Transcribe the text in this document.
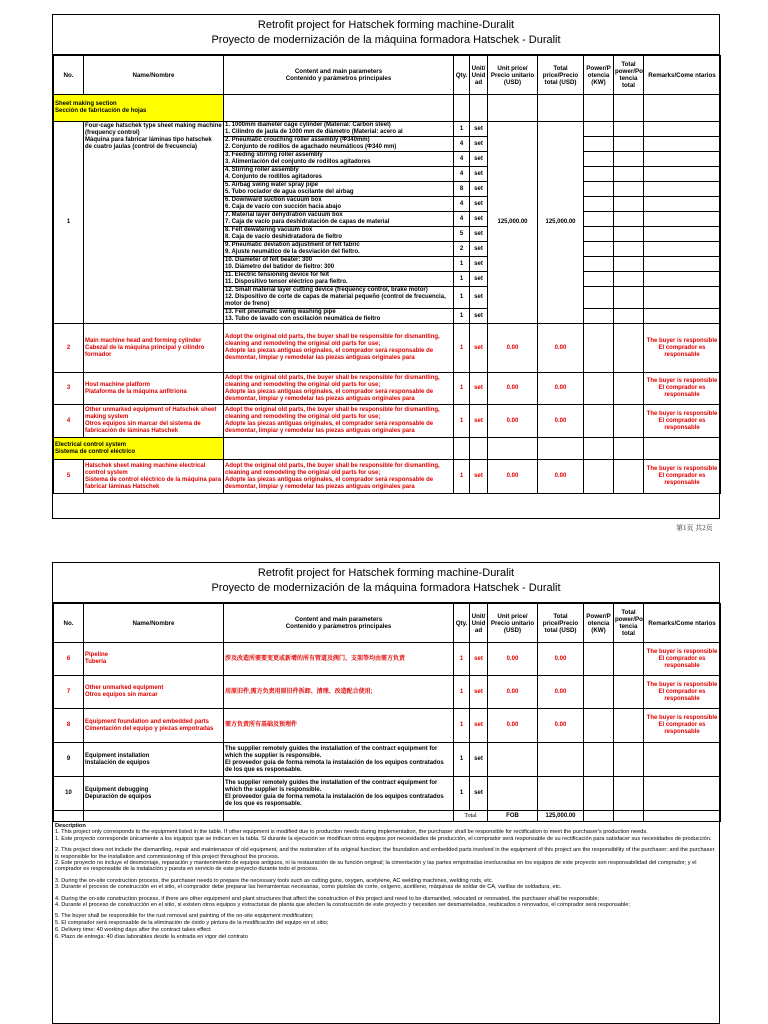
Retrofit project for Hatschek forming machine-Duralit
Proyecto de modernización de la máquina formadora Hatschek - Duralit
No.	Name/Nombre	Content and main parameters
Contenido y parámetros principales	Qty.	Unit/ Unid ad	Unit price/ Precio unitario (USD)	Total price/Precio total (USD)	Power/P otencia (KW)	Total power/Po tencia total	Remarks/Come ntarios
Sheet making section
Sección de fabricación de hojas									
1	Four-cage hatschek type sheet making machine (frequency control)
Máquina para fabricar láminas tipo hatschek
de cuatro jaulas (control de frecuencia)	1. 1000mm diameter cage cylinder (Material: Carbon steel)
1. Cilindro de jaula de 1000 mm de diámetro (Material: acero al	1	set	125,000.00	125,000.00			
		2. Pneumatic crouching roller assembly (Φ340mm)
2. Conjunto de rodillos de agachado neumáticos (Φ340 mm)	4	set					
		3. Feeding stirring roller assembly
3. Alimentación del conjunto de rodillos agitadores	4	set					
		4. Stirring roller assembly
4. Conjunto de rodillos agitadores	4	set					
		5. Airbag swing water spray pipe
5. Tubo rociador de agua oscilante del airbag	8	set					
		6. Downward suction vacuum box
6. Caja de vacío con succión hacia abajo	4	set					
		7. Material layer dehydration vacuum box
7. Caja de vacío para deshidratación de capas de material	4	set					
		8. Felt dewatering vacuum box
8. Caja de vacío deshidratadora de fieltro	5	set					
		9. Pneumatic deviation adjustment of felt fabric
9. Ajuste neumático de la desviación del fieltro.	2	set					
		10. Diameter of felt beater: 300
10. Diámetro del batidor de fieltro: 300	1	set					
		11. Electric tensioning device for felt
11. Dispositivo tensor eléctrico para fieltro.	1	set					
		12. Small material layer cutting device (frequency control, brake motor)
12. Dispositivo de corte de capas de material pequeño (control de frecuencia, motor de freno)	1	set					
		13. Felt pneumatic swing washing pipe
13. Tubo de lavado con oscilación neumática de fieltro	1	set					
2	Main machine head and forming cylinder
Cabezal de la máquina principal y cilindro formador	Adopt the original old parts, the buyer shall be responsible for dismantling, cleaning and remodeling the original old parts for use;
Adopte las piezas antiguas originales, el comprador será responsable de desmontar, limpiar y remodelar las piezas antiguas originales para	1	set	0.00	0.00			The buyer is responsible
El comprador es responsable
3	Host machine platform
Plataforma de la máquina anfitriona	Adopt the original old parts, the buyer shall be responsible for dismantling, cleaning and remodeling the original old parts for use;
Adopte las piezas antiguas originales, el comprador será responsable de desmontar, limpiar y remodelar las piezas antiguas originales para	1	set	0.00	0.00			The buyer is responsible
El comprador es responsable
4	Other unmarked equipment of Hatschek sheet making system
Otros equipos sin marcar del sistema de fabricación de láminas Hatschek	Adopt the original old parts, the buyer shall be responsible for dismantling, cleaning and remodeling the original old parts for use;
Adopte las piezas antiguas originales, el comprador será responsable de desmontar, limpiar y remodelar las piezas antiguas originales para	1	set	0.00	0.00			The buyer is responsible
El comprador es responsable
Electrical control system
Sistema de control eléctrico									
5	Hatschek sheet making machine electrical control system
Sistema de control eléctrico de la máquina para fabricar láminas Hatschek	Adopt the original old parts, the buyer shall be responsible for dismantling, cleaning and remodeling the original old parts for use;
Adopte las piezas antiguas originales, el comprador será responsable de desmontar, limpiar y remodelar las piezas antiguas originales para	1	set	0.00	0.00			The buyer is responsible
El comprador es responsable
第1页 共2页
Retrofit project for Hatschek forming machine-Duralit
Proyecto de modernización de la máquina formadora Hatschek - Duralit
No.	Name/Nombre	Content and main parameters
Contenido y parámetros principales	Qty.	Unit/ Unid ad	Unit price/ Precio unitario (USD)	Total price/Precio total (USD)	Power/P otencia (KW)	Total power/Po tencia total	Remarks/Come ntarios
6	Pipeline
Tubería	涉及改造所需要变更或新增的所有管道及阀门、支架等均由需方负责	1	set	0.00	0.00			The buyer is responsible
El comprador es responsable
7	Other unmarked equipment
Otros equipos sin marcar	用原旧件,需方负责用原旧件拆卸、清理、改造配合使用;	1	set	0.00	0.00			The buyer is responsible
El comprador es responsable
8	Equipment foundation and embedded parts
Cimentación del equipo y piezas empotradas	需方负责所有基础及预埋件	1	set	0.00	0.00			The buyer is responsible
El comprador es responsable
9	Equipment installation
Instalación de equipos	The supplier remotely guides the installation of the contract equipment for which the supplier is responsible.
El proveedor guía de forma remota la instalación de los equipos contratados de los que es responsable.	1	set					
10	Equipment debugging
Depuración de equipos	The supplier remotely guides the installation of the contract equipment for which the supplier is responsible.
El proveedor guía de forma remota la instalación de los equipos contratados de los que es responsable.	1	set					
			Total		FOB	125,000.00			

Description

1. This project only corresponds to the equipment listed in the table. If other equipment is modified due to production needs during implementation, the purchaser shall be responsible for rectification to meet the purchaser's production needs.
1. Este proyecto corresponde únicamente a los equipos que se indican en la tabla. Si durante la ejecución se modifican otros equipos por necesidades de producción, el comprador será responsable de su rectificación para satisfacer sus necesidades de producción.

2. This project does not include the dismantling, repair and maintenance of old equipment, and the restoration of its original function; the foundation and embedded parts involved in the equipment of this project are the responsibility of the purchaser; and the purchaser is responsible for the installation and commissioning of this project throughout the process.
2. Este proyecto no incluye el desmontaje, reparación y mantenimiento de equipos antiguos, ni la restauración de su función original; la cimentación y las partes empotradas involucradas en los equipos de este proyecto son responsabilidad del comprador; y el comprador es responsable de la instalación y puesta en servicio de este proyecto durante todo el proceso.

3. During the on-site construction process, the purchaser needs to prepare the necessary tools such as cutting guns, oxygen, acetylene, AC welding machines, welding rods, etc.
3. Durante el proceso de construcción en el sitio, el comprador debe preparar las herramientas necesarias, como pistolas de corte, oxígeno, acetileno, máquinas de soldar de CA, varillas de soldadura, etc.

4. During the on-site construction process, if there are other equipment and plant structures that affect the construction of this project and need to be dismantled, relocated or renovated, the purchaser shall be responsible;
4. Durante el proceso de construcción en el sitio, si existen otros equipos y estructuras de planta que afecten la construcción de este proyecto y necesiten ser desmantelados, reubicados o renovados, el comprador será responsable;

5. The buyer shall be responsible for the rust removal and painting of the on-site equipment modification;
5. El comprador será responsable de la eliminación de óxido y pintura de la modificación del equipo en el sitio;

6. Delivery time: 40 working days after the contract takes effect
6. Plazo de entrega: 40 días laborables desde la entrada en vigor del contrato
